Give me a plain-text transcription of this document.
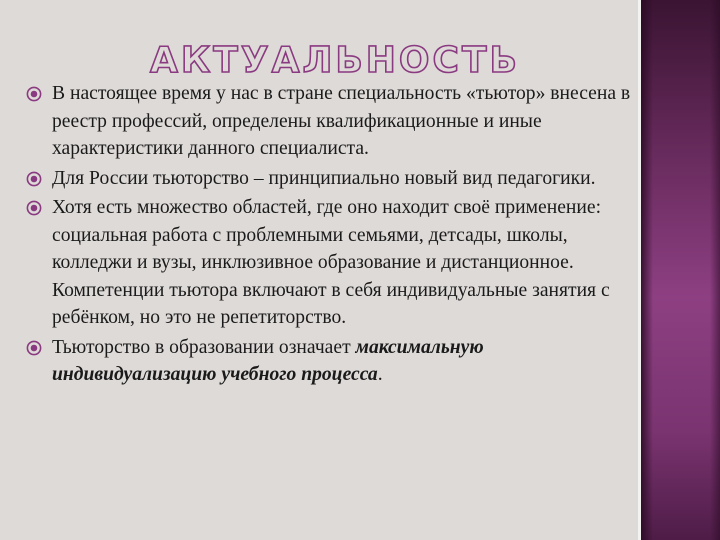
АКТУАЛЬНОСТЬ
В настоящее время у нас в стране специальность «тьютор» внесена в реестр профессий, определены квалификационные и иные характеристики данного специалиста.
Для России тьюторство – принципиально новый вид педагогики.
Хотя есть множество областей, где оно находит своё применение: социальная работа с проблемными семьями, детсады, школы, колледжи и вузы, инклюзивное образование и дистанционное. Компетенции тьютора включают в себя индивидуальные занятия с ребёнком, но это не репетиторство.
Тьюторство в образовании означает максимальную индивидуализацию учебного процесса.
